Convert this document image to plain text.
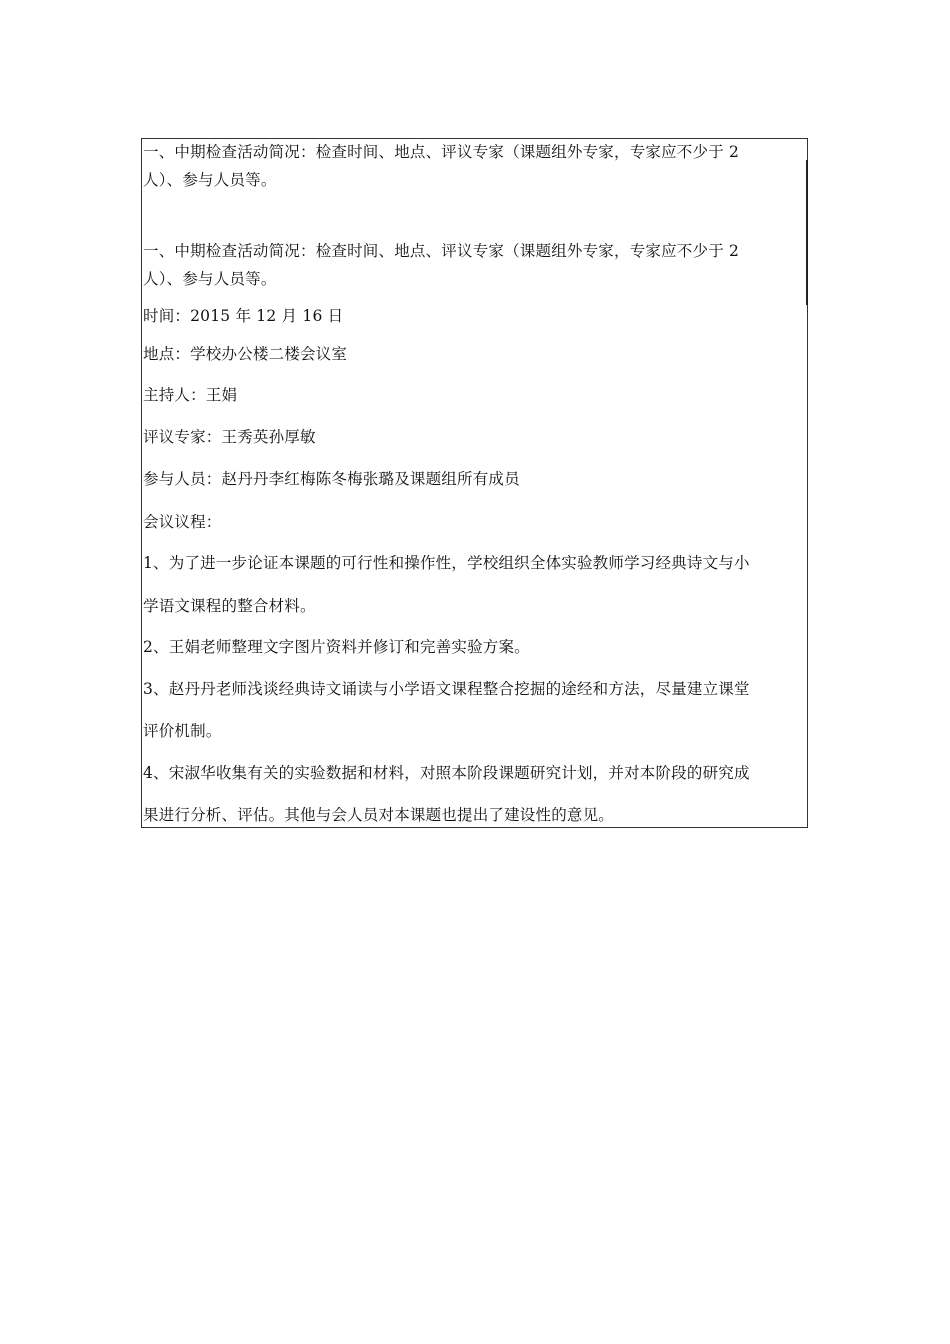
一、中期检查活动简况：检查时间、地点、评议专家（课题组外专家，专家应不少于 2
人）、参与人员等。
一、中期检查活动简况：检查时间、地点、评议专家（课题组外专家，专家应不少于 2
人）、参与人员等。
时间：2015 年 12 月 16 日
地点：学校办公楼二楼会议室
主持人：王娟
评议专家：王秀英孙厚敏
参与人员：赵丹丹李红梅陈冬梅张璐及课题组所有成员
会议议程：
1、为了进一步论证本课题的可行性和操作性，学校组织全体实验教师学习经典诗文与小
学语文课程的整合材料。
2、王娟老师整理文字图片资料并修订和完善实验方案。
3、赵丹丹老师浅谈经典诗文诵读与小学语文课程整合挖掘的途经和方法，尽量建立课堂
评价机制。
4、宋淑华收集有关的实验数据和材料，对照本阶段课题研究计划，并对本阶段的研究成
果进行分析、评估。其他与会人员对本课题也提出了建设性的意见。
